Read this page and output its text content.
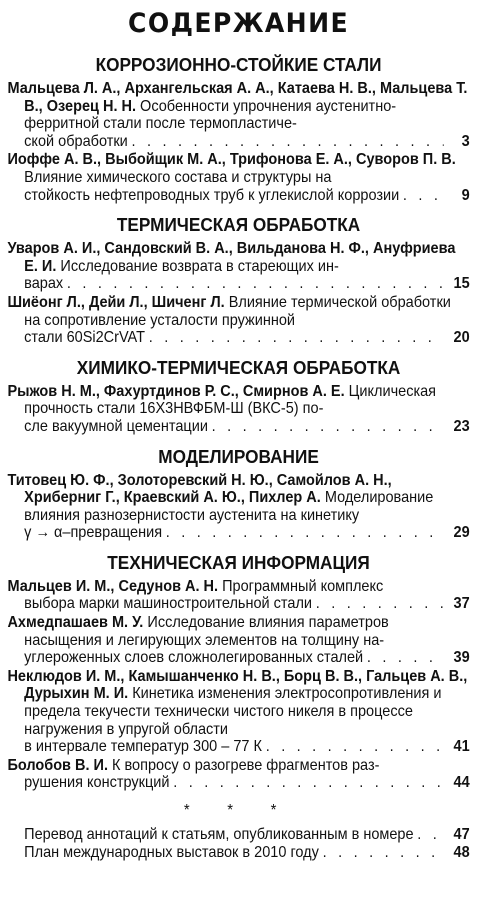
СОДЕРЖАНИЕ
КОРРОЗИОННО-СТОЙКИЕ СТАЛИ
Мальцева Л. А., Архангельская А. А., Катаева Н. В., Мальцева Т. В., Озерец Н. Н. Особенности упрочнения аустенитно-ферритной стали после термопластиче-
ской обработки . . .	3
Иоффе А. В., Выбойщик М. А., Трифонова Е. А., Суворов П. В. Влияние химического состава и структуры на
стойкость нефтепроводных труб к углекислой коррозии . . .	9
ТЕРМИЧЕСКАЯ ОБРАБОТКА
Уваров А. И., Сандовский В. А., Вильданова Н. Ф., Ануфриева Е. И. Исследование возврата в стареющих ин-
варах . . .	15
Шиёонг Л., Дейи Л., Шиченг Л. Влияние термической обработки на сопротивление усталости пружинной
стали 60Si2CrVAT . . .	20
ХИМИКО-ТЕРМИЧЕСКАЯ ОБРАБОТКА
Рыжов Н. М., Фахуртдинов Р. С., Смирнов А. Е. Циклическая прочность стали 16Х3НВФБМ-Ш (ВКС-5) по-
сле вакуумной цементации . . .	23
МОДЕЛИРОВАНИЕ
Титовец Ю. Ф., Золоторевский Н. Ю., Самойлов А. Н., Хриберниг Г., Краевский А. Ю., Пихлер А. Моделирование влияния разнозернистости аустенита на кинетику
γ → α–превращения . . .	29
ТЕХНИЧЕСКАЯ ИНФОРМАЦИЯ
Мальцев И. М., Седунов А. Н. Программный комплекс
выбора марки машиностроительной стали . . .	37
Ахмедпашаев М. У. Исследование влияния параметров насыщения и легирующих элементов на толщину на-
углероженных слоев сложнолегированных сталей . . .	39
Неклюдов И. М., Камышанченко Н. В., Борц В. В., Гальцев А. В., Дурыхин М. И. Кинетика изменения электросопротивления и предела текучести технически чистого никеля в процессе нагружения в упругой области
в интервале температур 300 – 77 К . . .	41
Болобов В. И. К вопросу о разогреве фрагментов раз-
рушения конструкций . . .	44
* * *
Перевод аннотаций к статьям, опубликованным в номере . . .	47
План международных выставок в 2010 году . . .	48
